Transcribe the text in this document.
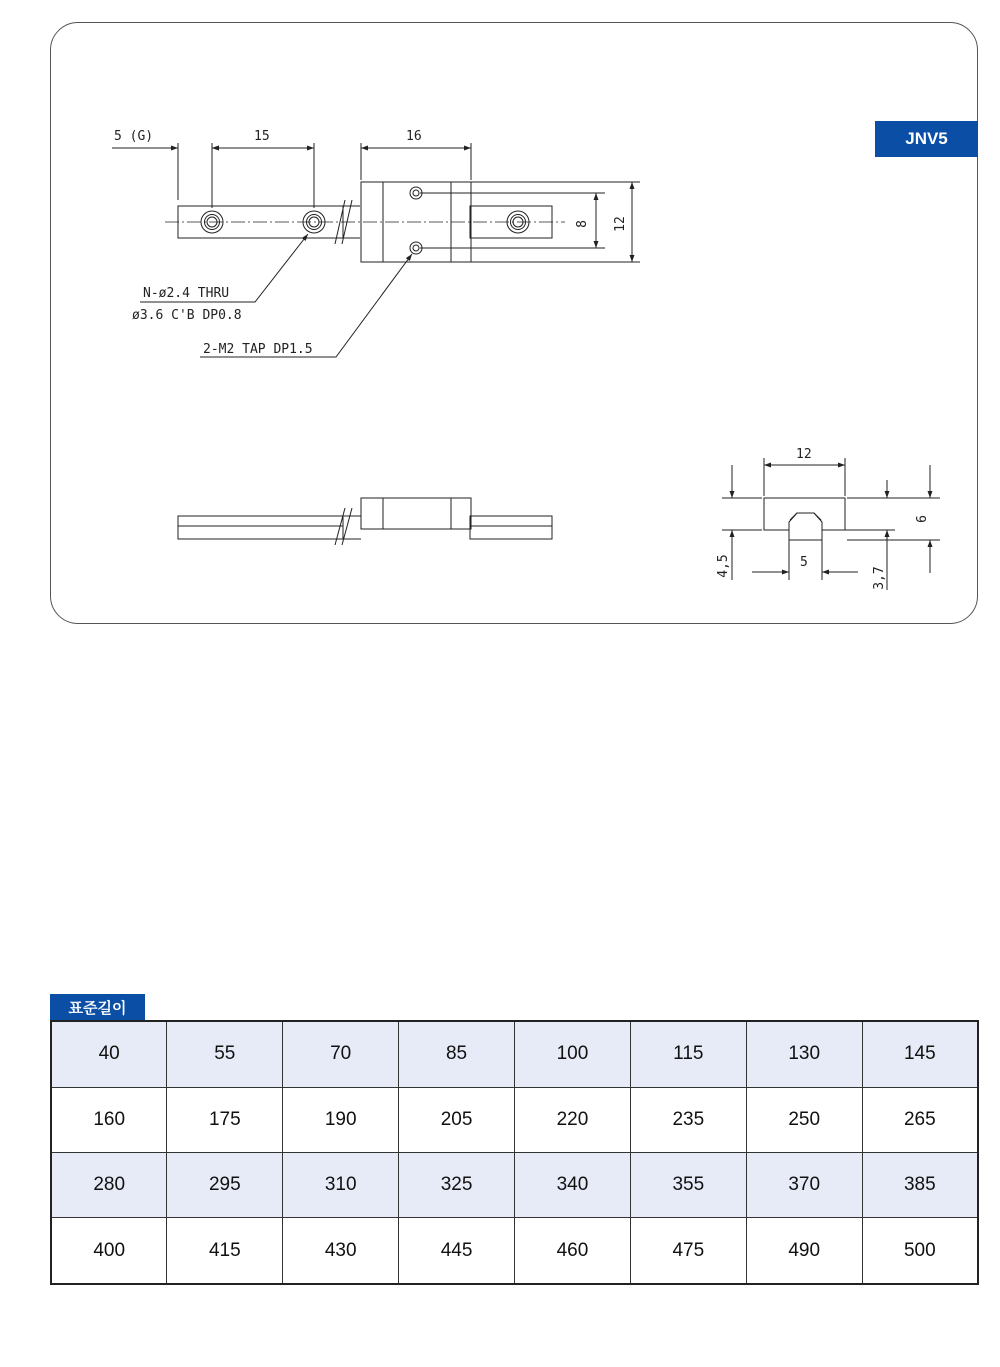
JNV5
5 (G)	15	16
8 12
N-ø2.4 THRU
ø3.6 C'B DP0.8
2-M2 TAP DP1.5
12
6
4,5	5
3,7
표준길이
40	55	70	85	100	115	130	145
160	175	190	205	220	235	250	265
280	295	310	325	340	355	370	385
400	415	430	445	460	475	490	500
